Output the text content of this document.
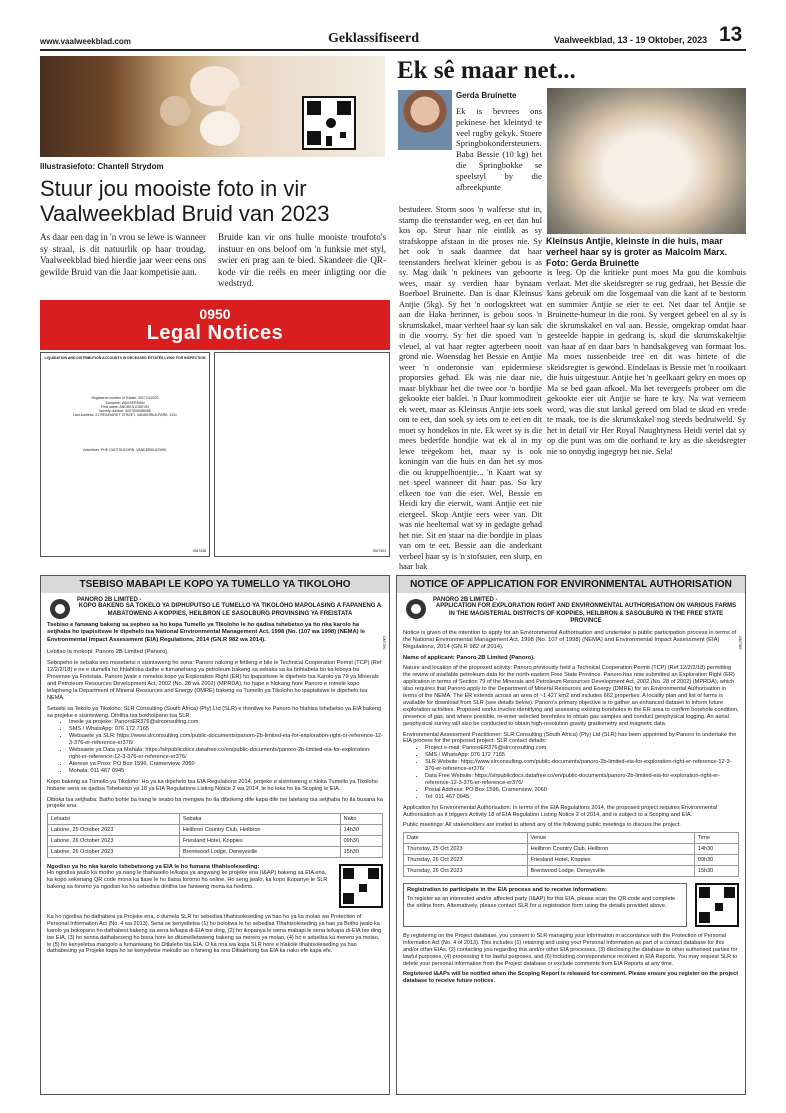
www.vaalweekblad.com	Geklassifiseerd	Vaalweekblad, 13 - 19 Oktober, 2023 13
Illustrasiefoto: Chantell Strydom
Stuur jou mooiste foto in vir Vaalweekblad Bruid van 2023
As daar een dag in 'n vrou se lewe is wanneer sy straal, is dit natuurlik op haar troudag. Vaalweekblad bied hierdie jaar weer eens ons gewilde Bruid van die Jaar kompetisie aan.
Bruide kan vir ons hulle mooiste troufoto's instuur en ons beloof om 'n funksie met styl, swier en prag aan te bied. Skandeer die QR-kode vir die reëls en meer inligting oor die wedstryd.
0950
Legal Notices
LIQUIDATION AND DISTRIBUTION ACCOUNTS IN DECEASED ESTATES LYING FOR INSPECTION
Registered number of Estate: 002714/2023
Surname: WASSERMAN
First name: ANDRES GIDEON
Identity number: 6007005088088
Last Address: 21 REINHARDT STREET, VANDERBIJLPARK, 1911
Advertiser: PHE OUDTSHOORN, VANDERBIJLPARK
OM7338	OM7303
Ek sê maar net...
Gerda Bruinette
Kleinsus Antjie, kleinste in die huis, maar verheel haar sy is groter as Malcolm Marx. Foto: Gerda Bruinette
Ek is bevrees ons pekinese het kleintyd te veel rugby gekyk. Stoere Springbokondersteuners. Baba Bessie (10 kg) het die Springbokke se speelstyl by die afbreekpunte
bestudeer. Storm soos 'n walferse stut in, stamp die teenstander weg, en eet dan hul kos op. Steur haar nie eintlik as sy strafskoppe afstaan in die proses nie. Sy het ook 'n saak daarmee dat haar teenstanders heelwat kleiner gebou is as sy. Mag daik 'n pekinees van geboorte wees, maar sy verdien haar bynaam Boerboel Bruinette. Dan is daar Kleinsus Antjie (5kg). Sy het 'n oorlogskreet wat aan die Haka herinner, is gebou soos 'n skrumskakel, maar verheel haar sy kan sak in die voorry. Sy het die spoed van 'n vleuel, al vat haar regter agterbeen nooit grond nie. Woensdag het Bessie en Antjie weer 'n onderonsie van epidermiese proporsies gehad. Ek was nie daar nie, maar blykbaar het die twee oor 'n bordjie gekookte eier baklei. 'n Duur kommoditeit ek weet, maar as Kleinsus Antjie iets soek om te eet, dan soek sy iets om te eet en dit moet sy hondekos in nie. Ek weet sy is die mees bederfde hondjie wat ek al in my lewe teëgekom het, maar sy is ook koningin van die huis en dan het sy mos die ou kruppelhoentjie... 'n Kaart wat sy net speel wanneer dit haar pas. So kry elkeen toe van die eier. Wel, Bessie en Heidi kry die eierwit, want Antjie eet nie eiergeel. Skop Antjie eers weer van. Dit was nie heeltemal wat sy in gedagte gehad het nie. Sit en staar na die bordjie in plaas van om te eet. Bessie aan die anderkant verbeel haar sy is 'n stofsuier, een slurp, en haar bak
is leeg. Op die kritieke punt moes Ma gou die kombuis verlaat. Met die skeidsregter se rug gedraai, het Bessie die kans gebruik om die losgemaal van die kant af te bestorm en summier Antjie se eier te eet. Net daar tel Antjie se Bruinette-humeur in die rooi. Sy vergeet gebeel en al sy is die skrumskakel en val aan. Bessie, omgekrap omdat haar gesteelde happie in gedrang is, skud die skrumskakeltjie van haar af en daar bars 'n handsakgeveg van formaat los. Ma moes tussenbeide tree en dit was hittete of die skeidsregter is gewond. Eindelaas is Bessie met 'n rooikaart die huis uitgestuur. Antjie het 'n geelkaart gekry en moes op Ma se bed gaan afkoel. Ma het tevergeefs probeer om die gekookte eier uit Antjie se hare te kry. Na wat verneem word, was die stut lankal gereed om blad te skud en vrede te maak, toe is die skrumskakel nog steeds bedruiweld. Sy het in detail vir Her Royal Naughtyness Heidi vertel dat sy op die punt was om die oorhand te kry as die skeidsregter nie so onnydig ingegryp het nie. Sela!
TSEBISO MABAPI LE KOPO YA TUMELLO YA TIKOLOHO
PANORO 2B LIMITED -
KOPO BAKENG SA TOKELO YA DIPHUPUTSO LE TUMELLO YA TIKOLOHO MAPOLASING A FAPANENG A MABATOWENG A KOPPIES, HEILBRON LE SASOLBURG PROVINSING YA FREISTATA
Tsebiso e fanwang bakeng sa sepheo sa ho kopa Tumello ya Tikoloho le ho qadisa tshebetso ya ho nka karolo ha setjhaba ho ipapisitswe le dipehelo tsa National Environmental Management Act, 1998 (No. (107 wa 1998) (NEMA) le Environmental Impact Assessment (EIA) Regulations, 2014 (GN.R 982 wa 2014).
Lebitso la mokopi: Panoro 2B Limited (Panoro).
Sebopeho le sebaka seo mosebetsi o sisintsweng ho sona: Panoro nakong e fetileng e bile le Technical Cooperation Permit (TCP) (Ref 12/2/2/18) e ne e dumella ho fihlahloba dathe e fumanehang ya petroleum bakeng sa sebaka sa ka bohlabela bo ka leboya ba Provense ya Freistata. Panoro jwale e romelse kopo ya Exploration Right (ER) ho ipapisitswe le dipehelo tsa Karolo ya 79 ya Minerals and Petroleum Resources Development Act, 2002 (No. 28 wa 2002) (MPRDA), ho hape e hlokang hore Panoro e romele kopo lefapheng la Department of Mineral Resources and Energy (DMRE) bakeng sa Tumello ya Tikoloho ho ipapisitswe le dipehelo tsa NEMA.
Setsebi sa Tekolo ya Tikoloho: SLR Consulting (South Africa) (Pty) Ltd (SLR) e thonilwe ke Panoro ho hlahisa tshebetso ya EIA bakeng sa projeke e sisintsweng. Dintlha tsa bokhoipano tsa SLR:
• Imeile ya projeke: PanoroER376@slrconsulting.com
• SMS / WhatsApp: 076 172 7165
• Websaete ya SLR: https://www.slrconsulting.com/public-documents/panoro-2b-limited-eia-for-exploration-right-or-reference-12-3-376-er-reference-er376/
• Websaete ya Data ya Mahala: https://slrpublicdocs.datafree.co/en/public-documents/panoro-2b-limited-eia-for-exploration-right-er-reference-12-3-376-er-reference-er376/
• Aterese ya Poso: PO Box 1596, Cramerview, 2060
• Mohala: 011 467 0945
Kopo bakeng sa Tumello ya Tikoloho: Ho ya ka dipehelo tsa EIA Regulations 2014, projeke e sisintsweng e hloka Tumello ya Tikoloho hobane sena se qadisa Tshebetso ya 18 ya EIA Regulations Listing Notice 2 wa 2014, le ho leka ho ka Scoping le EIA.
Diboka tsa setjhaba: Batho bohle ba nang le seabo ba mengwa ho tla dibokeng dife kapa dife tse latelang tsa setjhaba ho tla busana ka projeke ena:
Letsatsi	Sebaka	Nako
Labone, 25 October 2023	Heilbron Country Club, Heilbron	14h30
Labone, 26 October 2023	Friesland Hotel, Koppies	09h30
Labone, 26 October 2023	Brentwood Lodge, Deneysville	15h30
Ngodiso ya ho nka karolo tshebetsong ya EIA le ho fumana tlhahisoleseding:
Ho ngodisa jwalo ka motho ya nang le thahasello le/kapa ya angwang ke projeke ena (I&AP) bakeng sa EIA ena, ka kopo sekenang QR code mona ka tlase le ho tlatsa foromo ho online. Ho seng jwalo, ka kopo ikopanye le SLR bakeng sa foromo ya ngodiso ka ho sebedisa dintlha tse fanweng mona ka hodimo.
Ka ho ngodisa ho dathabesi ya Projeke ena, o dumela SLR ho sebedisa tlhahisoleseding ya hao ho ya ka molao wa Protection of Personal Information Act (No. 4 wa 2013). Sena se kenyelletsa (1) ho bolokwa le ho sebedisa Tlhahisoleseding ya hao ya Botho jwalo ka karolo ya bokopano ho dathabesi bakeng sa sena le/kapa di-EIA tse ding, (2) ho ikopanya le wena mabapi le sena le/kapa di-EIA tse ding tse EIA, (3) ho senna dathabeseng ho bona hore ke ditumelletsweng bakeng sa merero ya molao, (4) ho e sebelisa ka merero ya molao, le (5) ho kenyeletsa mangolo a fumanwang ho Ditlaleho tsa EIA. O ka nna wa kopa SLR hore e hlakole tlhahisoleseding ya hao dathabesing ya Projeke kapa ho se kenyeletse mekutlo ao o faneng ka ona Ditlalehong tsa EIA ka nako efe kapa efe.
OM7390
NOTICE OF APPLICATION FOR ENVIRONMENTAL AUTHORISATION
PANORO 2B LIMITED -
APPLICATION FOR EXPLORATION RIGHT AND ENVIRONMENTAL AUTHORISATION ON VARIOUS FARMS IN THE MAGISTERIAL DISTRICTS OF KOPPIES, HEILBRON & SASOLBURG IN THE FREE STATE PROVINCE
Notice is given of the intention to apply for an Environmental Authorisation and undertake a public participation process in terms of the National Environmental Management Act, 1998 (No. 107 of 1998) (NEMA) and Environmental Impact Assessment (EIA) Regulations, 2014 (GN.R 982 of 2014).
Name of applicant: Panoro 2B Limited (Panoro).
Nature and location of the proposed activity: Panoro previously held a Technical Cooperation Permit (TCP) (Ref 12/2/2/18) permitting the review of available petroleum data for the north-eastern Free State Province. Panoro has now submitted an Exploration Right (ER) application in terms of Section 79 of the Minerals and Petroleum Resources Development Act, 2002 (No. 28 of 2002) (MPRDA), which also requires that Panoro apply to the Department of Mineral Resources and Energy (DMRE) for an Environmental Authorisation in terms of the NEMA. The ER extends across an area of ~1 427 km2 and includes 662 properties. A locality plan and list of farms is available for download from SLR (see details below). Panoro's primary objective is to gather an enhanced dataset to inform future exploration activities. Proposed works involve identifying and assessing existing boreholes in the ER area to confirm borehole condition, presence of gas, and where possible, re-enter selected boreholes to obtain gas samples and conduct geophysical logging. An aerial geophysical survey will also be conducted to obtain high-resolution gravity gradiometry and magnetic data.
Environmental Assessment Practitioner: SLR Consulting (South Africa) (Pty) Ltd (SLR) has been appointed by Panoro to undertake the EIA process for the proposed project. SLR contact details:
• Project e-mail: PanoroER376@slrconsulting.com
• SMS / WhatsApp: 076 172 7165
• SLR Website: https://www.slrconsulting.com/public-documents/panoro-2b-limited-eia-for-exploration-right-er-reference-12-3-376-er-reference-er376/
• Data Free Website: https://slrpublicdocs.datafree.co/en/public-documents/panoro-2b-limited-eia-for-exploration-right-er-reference-12-3-376-er-reference-er376/
• Postal Address: PO Box 1596, Cramerview, 2060
• Tel: 011 467 0945
Application for Environmental Authorisation: In terms of the EIA Regulations 2014, the proposed project requires Environmental Authorisation as it triggers Activity 18 of EIA Regulation Listing Notice 2 of 2014, and is subject to a Scoping and EIA.
Public meetings: All stakeholders are invited to attend any of the following public meetings to discuss the project.
Date	Venue	Time
Thursday, 25 Oct 2023	Heilbron Country Club, Heilbron	14h30
Thursday, 26 Oct 2023	Friesland Hotel, Koppies	09h30
Thursday, 26 Oct 2023	Brentwood Lodge, Deneysville	15h30
Registration to participate in the EIA process and to receive information:
To register as an interested and/or affected party (I&AP) for this EIA, please scan the QR code and complete the online form. Alternatively, please contact SLR for a registration form using the details provided above.
By registering on the Project database, you consent to SLR managing your information in accordance with the Protection of Personal Information Act (No. 4 of 2013). This includes (1) retaining and using your Personal Information as part of a contact database for this and/or other EIAs, (2) contacting you regarding this and/or other EIA processes, (3) disclosing the database to other authorised parties for lawful purposes, (4) processing it for lawful purposes, and (6) including correspondence received in EIA Reports. You may request SLR to delete your personal information from the Project database or exclude comments from EIA Reports at any time.
Registered I&APs will be notified when the Scoping Report is released for comment. Please ensure you register on the project database to receive future notices.
OM7389
